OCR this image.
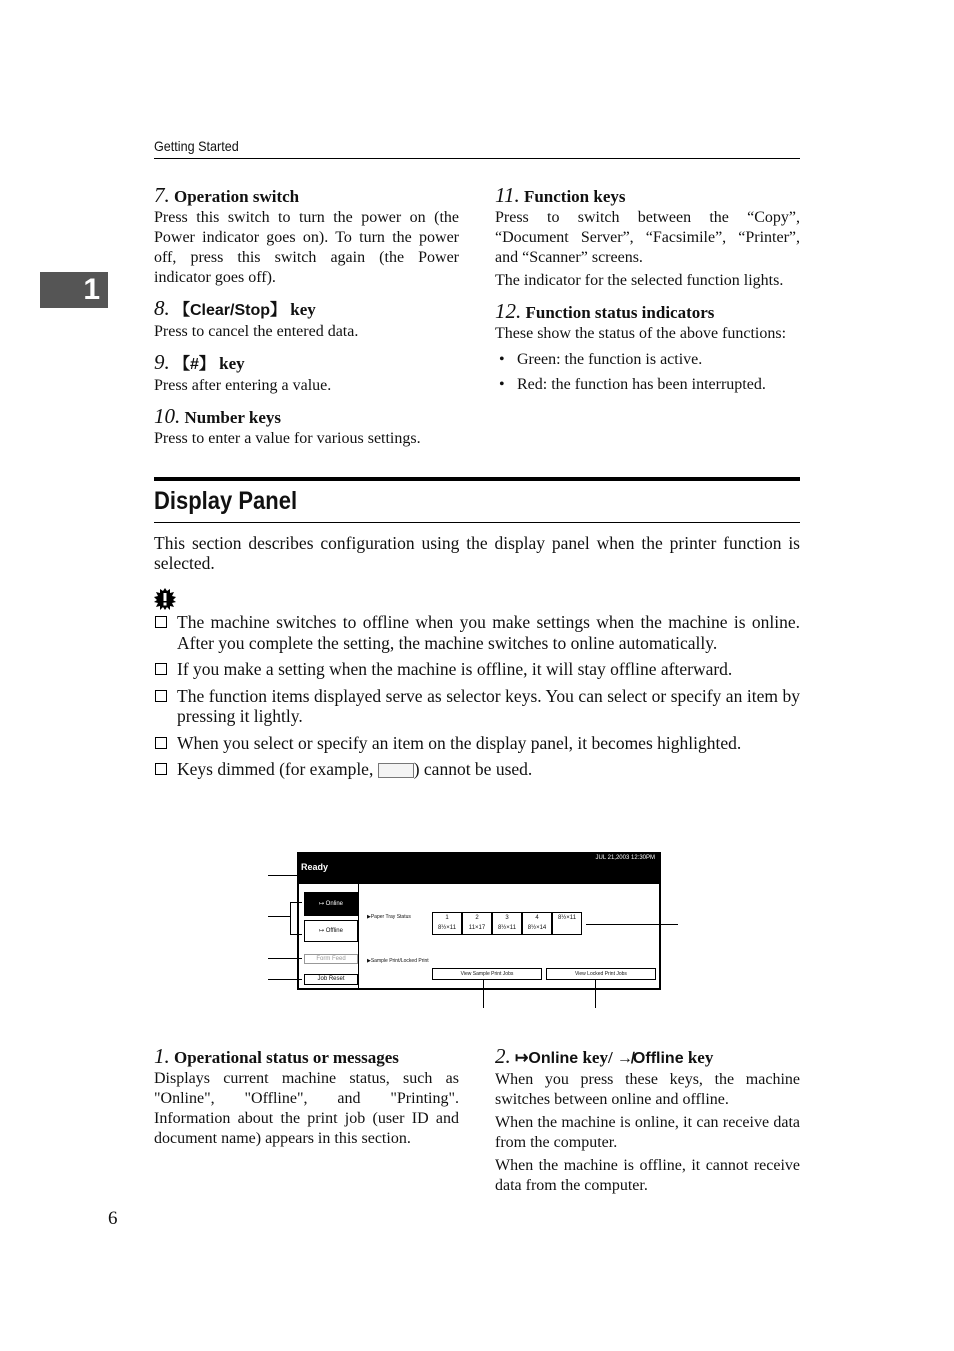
Getting Started
1
7. Operation switch
Press this switch to turn the power on (the Power indicator goes on). To turn the power off, press this switch again (the Power indicator goes off).
8. 【Clear/Stop】 key
Press to cancel the entered data.
9. 【#】 key
Press after entering a value.
10. Number keys
Press to enter a value for various settings.
11. Function keys
Press to switch between the “Copy”, “Document Server”, “Facsimile”, “Printer”, and “Scanner” screens.
The indicator for the selected function lights.
12. Function status indicators
These show the status of the above functions:
• Green: the function is active.
• Red: the function has been interrupted.
Display Panel
This section describes configuration using the display panel when the printer function is selected.
The machine switches to offline when you make settings when the machine is online. After you complete the setting, the machine switches to online automatically.
If you make a setting when the machine is offline, it will stay offline afterward.
The function items displayed serve as selector keys. You can select or specify an item by pressing it lightly.
When you select or specify an item on the display panel, it becomes highlighted.
Keys dimmed (for example, ) cannot be used.
JUL 21,2003 12:30PM
Ready
↦ Online
↦ Offline
Form Feed
Job Reset
▶Paper Tray Status	1
8½×11
2
11×17
3
8½×11
4
8½×14
8½×11
▶Sample Print/Locked Print
View Sample Print Jobs	View Locked Print Jobs
1. Operational status or messages
Displays current machine status, such as "Online", "Offline", and "Printing". Information about the print job (user ID and document name) appears in this section.
2. ↦Online key/ ↛Offline key
When you press these keys, the machine switches between online and offline.
When the machine is online, it can receive data from the computer.
When the machine is offline, it cannot receive data from the computer.
6
